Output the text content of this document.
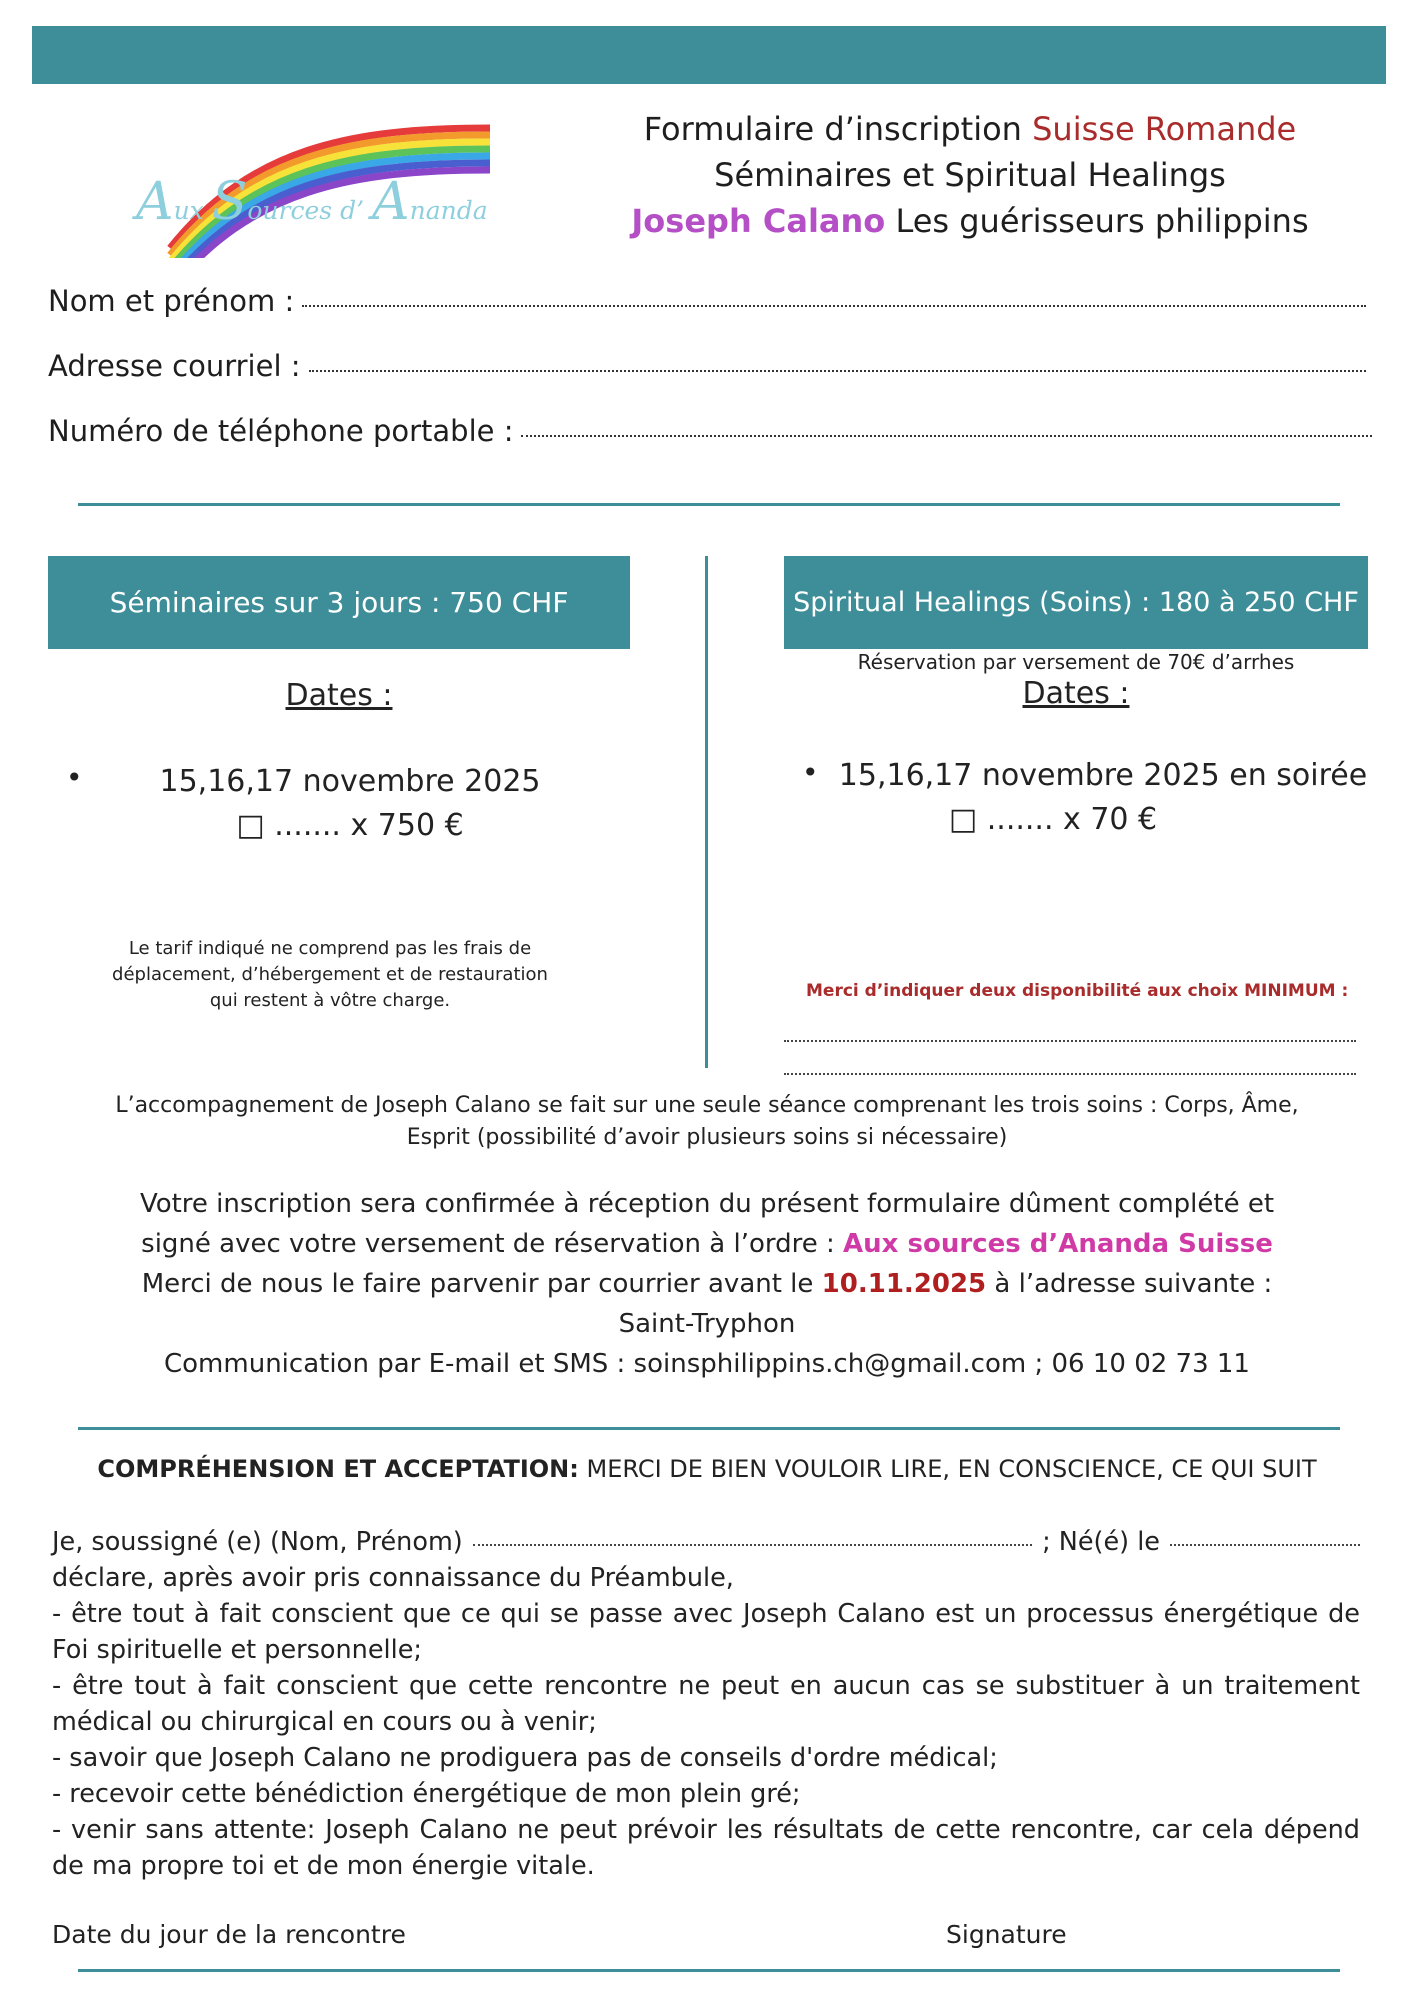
Aux Sources d’ Ananda
Formulaire d’inscription Suisse Romande
Séminaires et Spiritual Healings
Joseph Calano Les guérisseurs philippins
Nom et prénom :
Adresse courriel :
Numéro de téléphone portable :
Séminaires sur 3 jours : 750 CHF
Dates :
•	15,16,17 novembre 2025
□ ....... x 750 €
Le tarif indiqué ne comprend pas les frais de
déplacement, d’hébergement et de restauration
qui restent à vôtre charge.
Spiritual Healings (Soins) : 180 à 250 CHF
Réservation par versement de 70€ d’arrhes
Dates :
• 15,16,17 novembre 2025 en soirée
□ ....... x 70 €
Merci d’indiquer deux disponibilité aux choix MINIMUM :
L’accompagnement de Joseph Calano se fait sur une seule séance comprenant les trois soins : Corps, Âme,
Esprit (possibilité d’avoir plusieurs soins si nécessaire)
Votre inscription sera confirmée à réception du présent formulaire dûment complété et
signé avec votre versement de réservation à l’ordre : Aux sources d’Ananda Suisse
Merci de nous le faire parvenir par courrier avant le 10.11.2025 à l’adresse suivante :
Saint-Tryphon
Communication par E-mail et SMS : soinsphilippins.ch@gmail.com ; 06 10 02 73 11
COMPRÉHENSION ET ACCEPTATION: MERCI DE BIEN VOULOIR LIRE, EN CONSCIENCE, CE QUI SUIT
Je, soussigné (e) (Nom, Prénom)	; Né(é) le
déclare, après avoir pris connaissance du Préambule,
- être tout à fait conscient que ce qui se passe avec Joseph Calano est un processus énergétique de Foi spirituelle et personnelle;
- être tout à fait conscient que cette rencontre ne peut en aucun cas se substituer à un traitement médical ou chirurgical en cours ou à venir;
- savoir que Joseph Calano ne prodiguera pas de conseils d'ordre médical;
- recevoir cette bénédiction énergétique de mon plein gré;
- venir sans attente: Joseph Calano ne peut prévoir les résultats de cette rencontre, car cela dépend de ma propre toi et de mon énergie vitale.
Date du jour de la rencontre	Signature
